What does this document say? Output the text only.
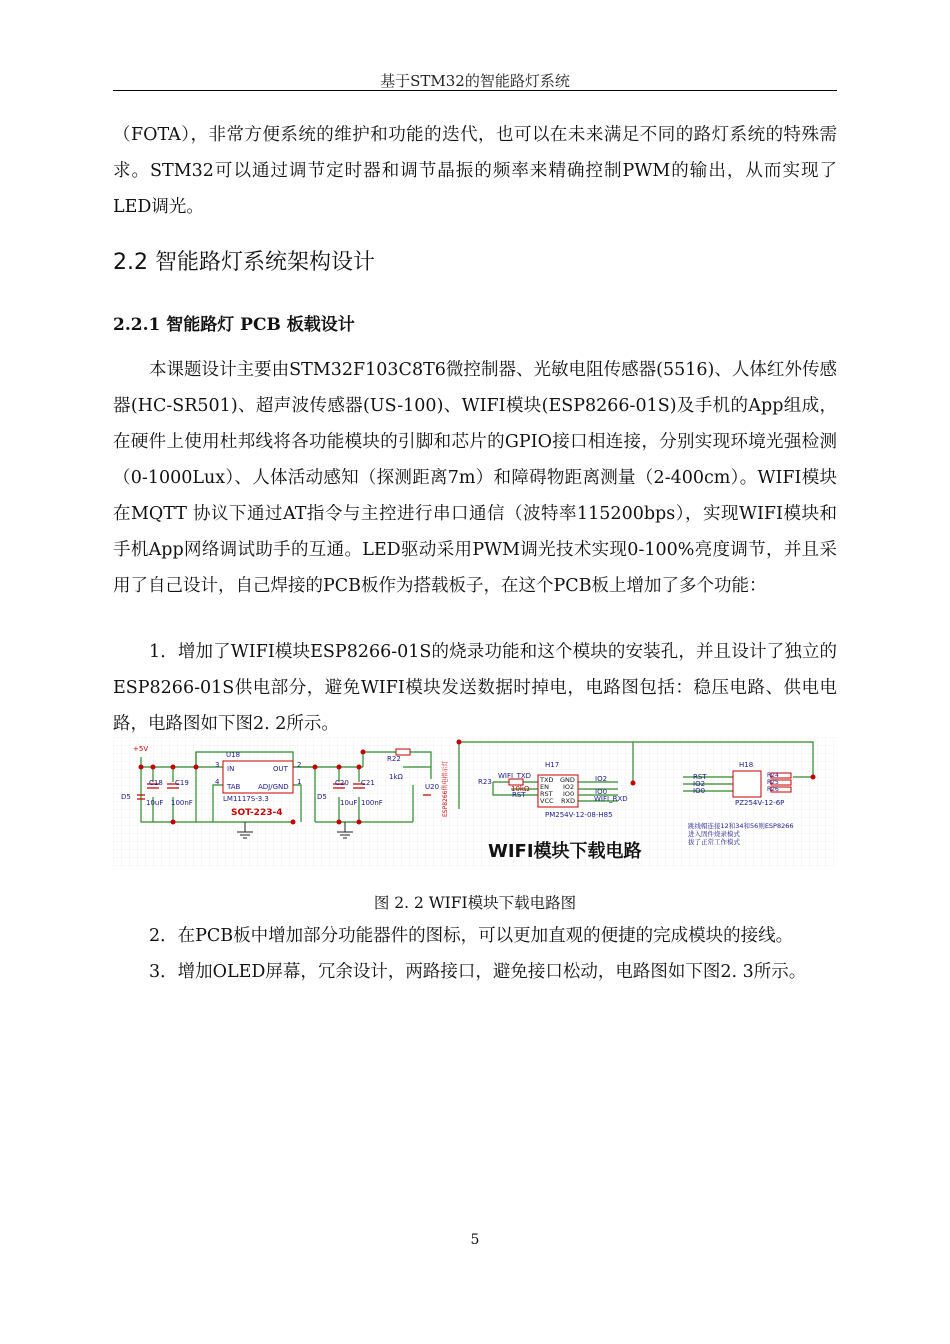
基于STM32的智能路灯系统
（FOTA），非常方便系统的维护和功能的迭代，也可以在未来满足不同的路灯系统的特殊需求。STM32可以通过调节定时器和调节晶振的频率来精确控制PWM的输出，从而实现了LED调光。
2.2 智能路灯系统架构设计
2.2.1 智能路灯 PCB 板载设计
本课题设计主要由STM32F103C8T6微控制器、光敏电阻传感器(5516)、人体红外传感器(HC-SR501)、超声波传感器(US-100)、WIFI模块(ESP8266-01S)及手机的App组成，在硬件上使用杜邦线将各功能模块的引脚和芯片的GPIO接口相连接，分别实现环境光强检测（0-1000Lux）、人体活动感知（探测距离7m）和障碍物距离测量（2-400cm）。WIFI模块在MQTT 协议下通过AT指令与主控进行串口通信（波特率115200bps），实现WIFI模块和手机App网络调试助手的互通。LED驱动采用PWM调光技术实现0-100%亮度调节，并且采用了自己设计，自己焊接的PCB板作为搭载板子，在这个PCB板上增加了多个功能：
1．增加了WIFI模块ESP8266-01S的烧录功能和这个模块的安装孔，并且设计了独立的ESP8266-01S供电部分，避免WIFI模块发送数据时掉电，电路图包括：稳压电路、供电电路，电路图如下图2. 2所示。
+5V
U18
IN	OUT
TAB	ADJ/GND
3
4
2
1
LM1117S-3.3
SOT-223-4
C18 C19
10uF 100nF
C20 C21
10uF 100nF
D5	D5
R22
1kΩ
U20 ESP8266供电指示灯	H17
R23
10kΩ
WIFI_TXD
RST
IO2
IO0
WIFI_RXD
TXD
EN
RST
VCC
GND
IO2
IO0
RXD
PM254V-12-08-H85
H18
RST
IO2
IO0
R24
R25
R26
PZ254V-12-6P
跳线帽连接12和34和56则ESP8266
进入固件烧录模式
拔了正常工作模式
WIFI模块下载电路
图 2. 2 WIFI模块下载电路图
2．在PCB板中增加部分功能器件的图标，可以更加直观的便捷的完成模块的接线。
3．增加OLED屏幕，冗余设计，两路接口，避免接口松动，电路图如下图2. 3所示。
5
